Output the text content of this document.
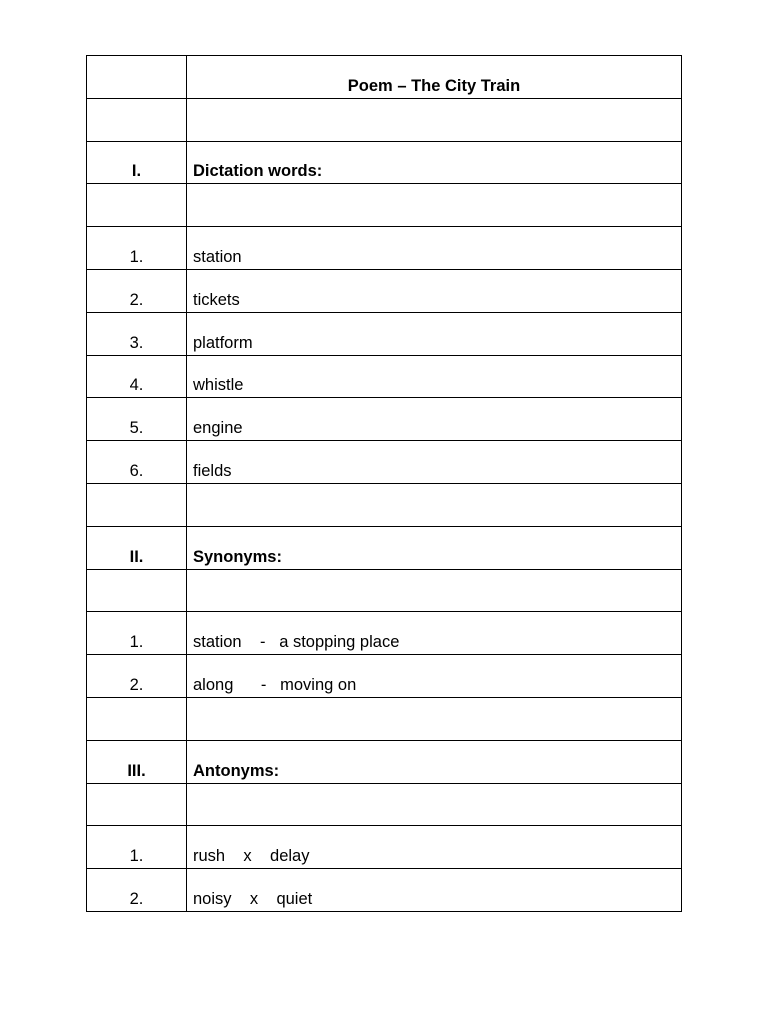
	Poem – The City Train

I.	Dictation words:

1.	station
2.	tickets
3.	platform
4.	whistle
5.	engine
6.	fields

II.	Synonyms:

1.	station    -   a stopping place
2.	along      -   moving on

III.	Antonyms:

1.	rush    x    delay
2.	noisy    x    quiet
